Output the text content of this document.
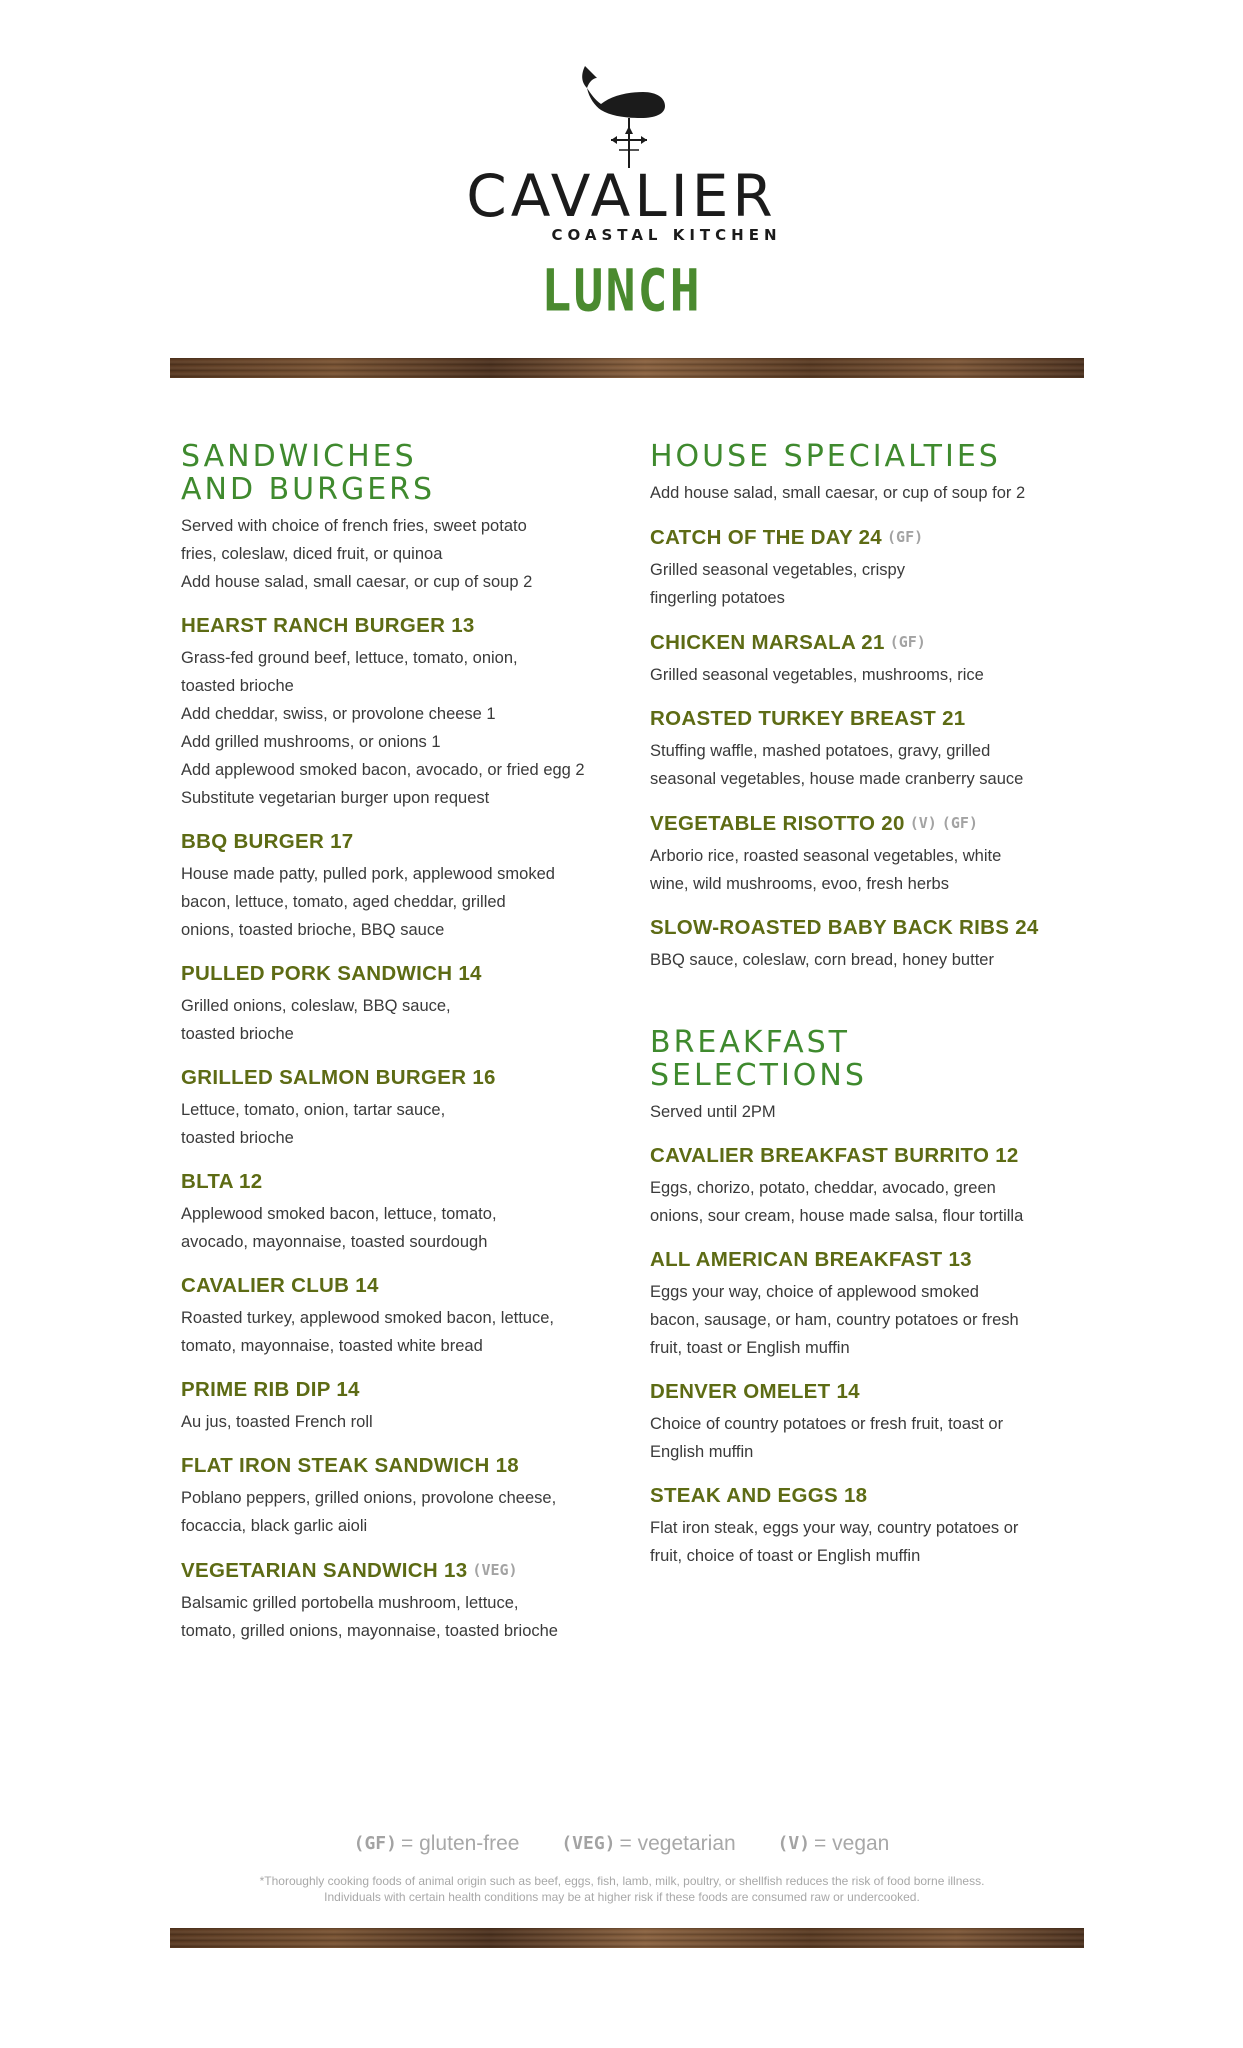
CAVALIER
COASTAL KITCHEN
LUNCH
SANDWICHES
AND BURGERS
Served with choice of french fries, sweet potato
fries, coleslaw, diced fruit, or quinoa
Add house salad, small caesar, or cup of soup 2
HEARST RANCH BURGER 13
Grass-fed ground beef, lettuce, tomato, onion,
toasted brioche
Add cheddar, swiss, or provolone cheese 1
Add grilled mushrooms, or onions 1
Add applewood smoked bacon, avocado, or fried egg 2
Substitute vegetarian burger upon request
BBQ BURGER 17
House made patty, pulled pork, applewood smoked
bacon, lettuce, tomato, aged cheddar, grilled
onions, toasted brioche, BBQ sauce
PULLED PORK SANDWICH 14
Grilled onions, coleslaw, BBQ sauce,
toasted brioche
GRILLED SALMON BURGER 16
Lettuce, tomato, onion, tartar sauce,
toasted brioche
BLTA 12
Applewood smoked bacon, lettuce, tomato,
avocado, mayonnaise, toasted sourdough
CAVALIER CLUB 14
Roasted turkey, applewood smoked bacon, lettuce,
tomato, mayonnaise, toasted white bread
PRIME RIB DIP 14
Au jus, toasted French roll
FLAT IRON STEAK SANDWICH 18
Poblano peppers, grilled onions, provolone cheese,
focaccia, black garlic aioli
VEGETARIAN SANDWICH 13 (VEG)
Balsamic grilled portobella mushroom, lettuce,
tomato, grilled onions, mayonnaise, toasted brioche
HOUSE SPECIALTIES
Add house salad, small caesar, or cup of soup for 2
CATCH OF THE DAY 24 (GF)
Grilled seasonal vegetables, crispy
fingerling potatoes
CHICKEN MARSALA 21 (GF)
Grilled seasonal vegetables, mushrooms, rice
ROASTED TURKEY BREAST 21
Stuffing waffle, mashed potatoes, gravy, grilled
seasonal vegetables, house made cranberry sauce
VEGETABLE RISOTTO 20 (V) (GF)
Arborio rice, roasted seasonal vegetables, white
wine, wild mushrooms, evoo, fresh herbs
SLOW-ROASTED BABY BACK RIBS 24
BBQ sauce, coleslaw, corn bread, honey butter
BREAKFAST
SELECTIONS
Served until 2PM
CAVALIER BREAKFAST BURRITO 12
Eggs, chorizo, potato, cheddar, avocado, green
onions, sour cream, house made salsa, flour tortilla
ALL AMERICAN BREAKFAST 13
Eggs your way, choice of applewood smoked
bacon, sausage, or ham, country potatoes or fresh
fruit, toast or English muffin
DENVER OMELET 14
Choice of country potatoes or fresh fruit, toast or
English muffin
STEAK AND EGGS 18
Flat iron steak, eggs your way, country potatoes or
fruit, choice of toast or English muffin
(GF) = gluten-free (VEG) = vegetarian (V) = vegan
*Thoroughly cooking foods of animal origin such as beef, eggs, fish, lamb, milk, poultry, or shellfish reduces the risk of food borne illness.
Individuals with certain health conditions may be at higher risk if these foods are consumed raw or undercooked.
